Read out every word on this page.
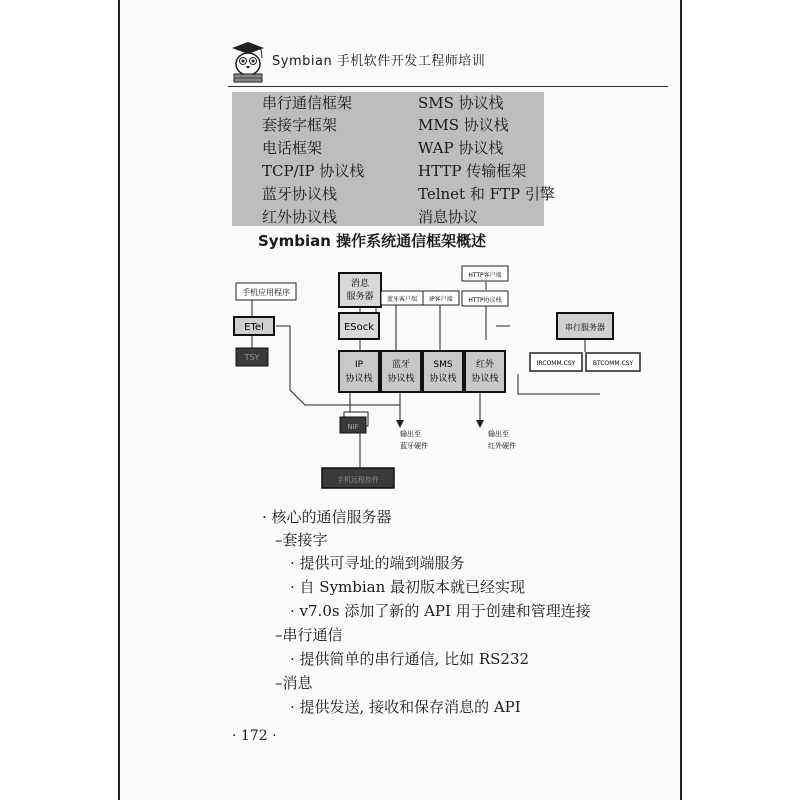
Symbian 手机软件开发工程师培训
串行通信框架
套接字框架
电话框架
TCP/IP 协议栈
蓝牙协议栈
红外协议栈
SMS 协议栈
MMS 协议栈
WAP 协议栈
HTTP 传输框架
Telnet 和 FTP 引擎
消息协议
Symbian 操作系统通信框架概述
手机应用程序
ETel
TSY
消息
服务器 蓝牙客户端 IP客户端
HTTP客户端
HTTP协议栈
ESock
IP
协议栈
蓝牙
协议栈
SMS
协议栈
红外
协议栈
串行服务器
IRCOMM.CSY	BTCOMM.CSY
NIF
输出至
蓝牙硬件
输出至
红外硬件
手机远程控件
· 核心的通信服务器
–套接字
· 提供可寻址的端到端服务
· 自 Symbian 最初版本就已经实现
· v7.0s 添加了新的 API 用于创建和管理连接
–串行通信
· 提供简单的串行通信, 比如 RS232
–消息
· 提供发送, 接收和保存消息的 API
· 172 ·
